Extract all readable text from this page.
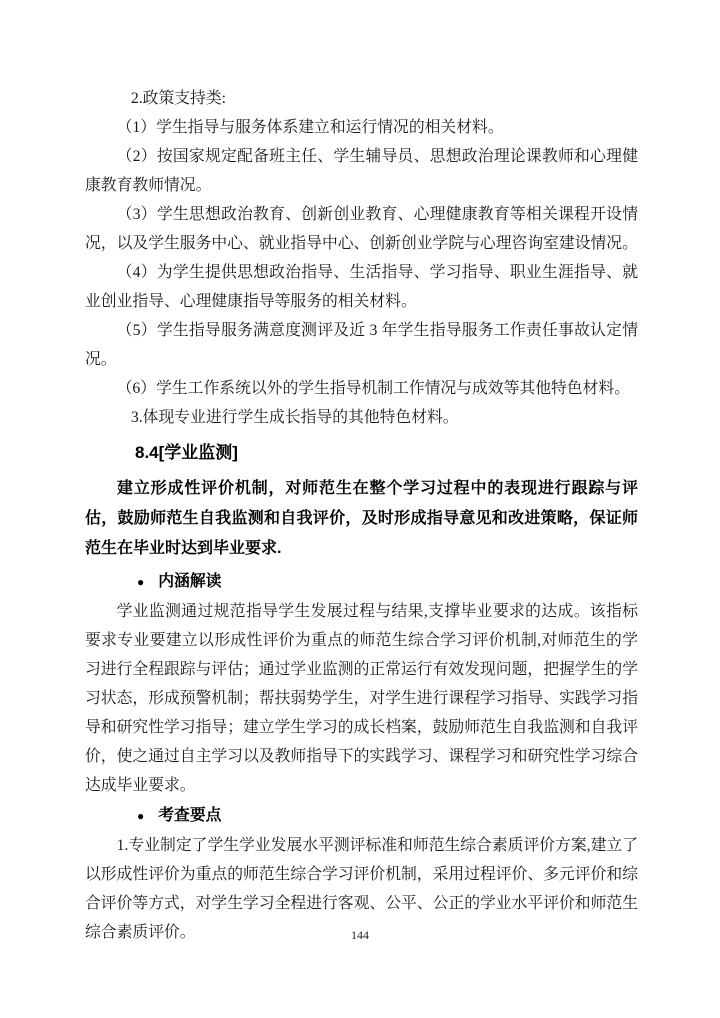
2.政策支持类:

（1）学生指导与服务体系建立和运行情况的相关材料。

（2）按国家规定配备班主任、学生辅导员、思想政治理论课教师和心理健康教育教师情况。

（3）学生思想政治教育、创新创业教育、心理健康教育等相关课程开设情况，以及学生服务中心、就业指导中心、创新创业学院与心理咨询室建设情况。

（4）为学生提供思想政治指导、生活指导、学习指导、职业生涯指导、就业创业指导、心理健康指导等服务的相关材料。

（5）学生指导服务满意度测评及近 3 年学生指导服务工作责任事故认定情况。

（6）学生工作系统以外的学生指导机制工作情况与成效等其他特色材料。

3.体现专业进行学生成长指导的其他特色材料。

8.4[学业监测]

建立形成性评价机制，对师范生在整个学习过程中的表现进行跟踪与评估，鼓励师范生自我监测和自我评价，及时形成指导意见和改进策略，保证师范生在毕业时达到毕业要求.

● 内涵解读

学业监测通过规范指导学生发展过程与结果,支撑毕业要求的达成。该指标要求专业要建立以形成性评价为重点的师范生综合学习评价机制,对师范生的学习进行全程跟踪与评估；通过学业监测的正常运行有效发现问题，把握学生的学习状态，形成预警机制；帮扶弱势学生，对学生进行课程学习指导、实践学习指导和研究性学习指导；建立学生学习的成长档案，鼓励师范生自我监测和自我评价，使之通过自主学习以及教师指导下的实践学习、课程学习和研究性学习综合达成毕业要求。

● 考查要点

1.专业制定了学生学业发展水平测评标准和师范生综合素质评价方案,建立了以形成性评价为重点的师范生综合学习评价机制，采用过程评价、多元评价和综合评价等方式，对学生学习全程进行客观、公平、公正的学业水平评价和师范生综合素质评价。	144
